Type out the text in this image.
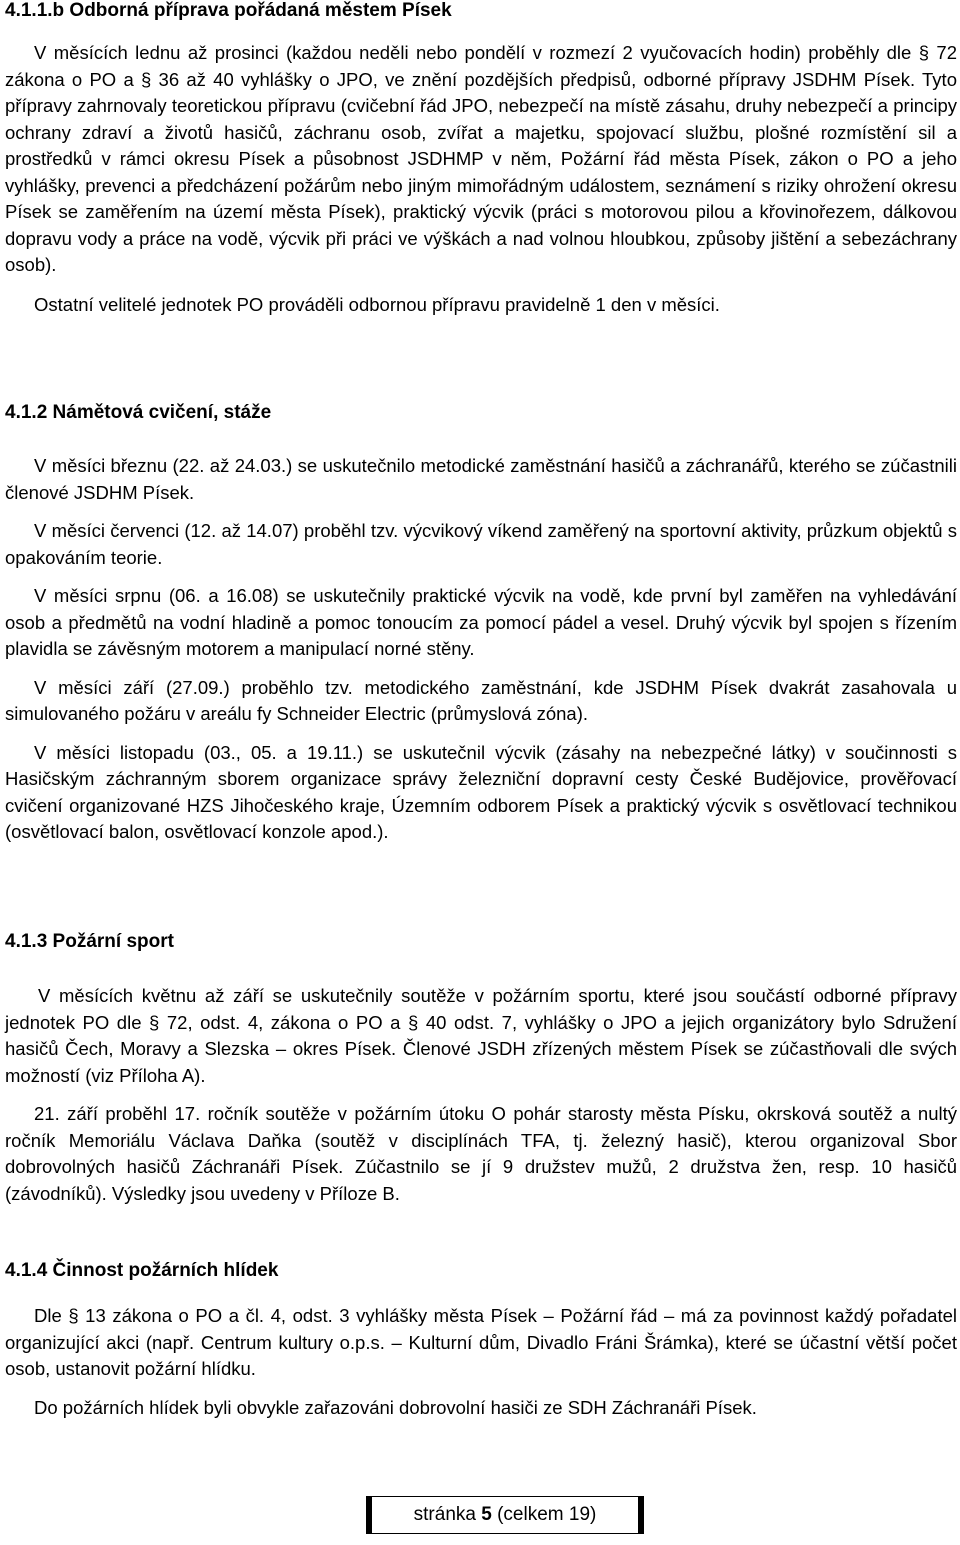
4.1.1.b Odborná příprava pořádaná městem Písek

V měsících lednu až prosinci (každou neděli nebo pondělí v rozmezí 2 vyučovacích hodin) proběhly dle § 72 zákona o PO a § 36 až 40 vyhlášky o JPO, ve znění pozdějších předpisů, odborné přípravy JSDHM Písek. Tyto přípravy zahrnovaly teoretickou přípravu (cvičební řád JPO, nebezpečí na místě zásahu, druhy nebezpečí a principy ochrany zdraví a životů hasičů, záchranu osob, zvířat a majetku, spojovací službu, plošné rozmístění sil a prostředků v rámci okresu Písek a působnost JSDHMP v něm, Požární řád města Písek, zákon o PO a jeho vyhlášky, prevenci a předcházení požárům nebo jiným mimořádným událostem, seznámení s riziky ohrožení okresu Písek se zaměřením na území města Písek), praktický výcvik (práci s motorovou pilou a křovinořezem, dálkovou dopravu vody a práce na vodě, výcvik při práci ve výškách a nad volnou hloubkou, způsoby jištění a sebezáchrany osob).

Ostatní velitelé jednotek PO prováděli odbornou přípravu pravidelně 1 den v měsíci.

4.1.2 Námětová cvičení, stáže

V měsíci březnu (22. až 24.03.) se uskutečnilo metodické zaměstnání hasičů a záchranářů, kterého se zúčastnili členové JSDHM Písek.

V měsíci červenci (12. až 14.07) proběhl tzv. výcvikový víkend zaměřený na sportovní aktivity, průzkum objektů s opakováním teorie.

V měsíci srpnu (06. a 16.08) se uskutečnily praktické výcvik na vodě, kde první byl zaměřen na vyhledávání osob a předmětů na vodní hladině a pomoc tonoucím za pomocí pádel a vesel. Druhý výcvik byl spojen s řízením plavidla se závěsným motorem a manipulací norné stěny.

V měsíci září (27.09.) proběhlo tzv. metodického zaměstnání, kde JSDHM Písek dvakrát zasahovala u simulovaného požáru v areálu fy Schneider Electric (průmyslová zóna).

V měsíci listopadu (03., 05. a 19.11.) se uskutečnil výcvik (zásahy na nebezpečné látky) v součinnosti s Hasičským záchranným sborem organizace správy železniční dopravní cesty České Budějovice, prověřovací cvičení organizované HZS Jihočeského kraje, Územním odborem Písek a praktický výcvik s osvětlovací technikou (osvětlovací balon, osvětlovací konzole apod.).

4.1.3 Požární sport

V měsících květnu až září se uskutečnily soutěže v požárním sportu, které jsou součástí odborné přípravy jednotek PO dle § 72, odst. 4, zákona o PO a § 40 odst. 7, vyhlášky o JPO a jejich organizátory bylo Sdružení hasičů Čech, Moravy a Slezska – okres Písek. Členové JSDH zřízených městem Písek se zúčastňovali dle svých možností (viz Příloha A).

21. září proběhl 17. ročník soutěže v požárním útoku O pohár starosty města Písku, okrsková soutěž a nultý ročník Memoriálu Václava Daňka (soutěž v disciplínách TFA, tj. železný hasič), kterou organizoval Sbor dobrovolných hasičů Záchranáři Písek. Zúčastnilo se jí 9 družstev mužů, 2 družstva žen, resp. 10 hasičů (závodníků). Výsledky jsou uvedeny v Příloze B.

4.1.4 Činnost požárních hlídek

Dle § 13 zákona o PO a čl. 4, odst. 3 vyhlášky města Písek – Požární řád – má za povinnost každý pořadatel organizující akci (např. Centrum kultury o.p.s. – Kulturní dům, Divadlo Fráni Šrámka), které se účastní větší počet osob, ustanovit požární hlídku.

Do požárních hlídek byli obvykle zařazováni dobrovolní hasiči ze SDH Záchranáři Písek.

stránka 5 (celkem 19)
